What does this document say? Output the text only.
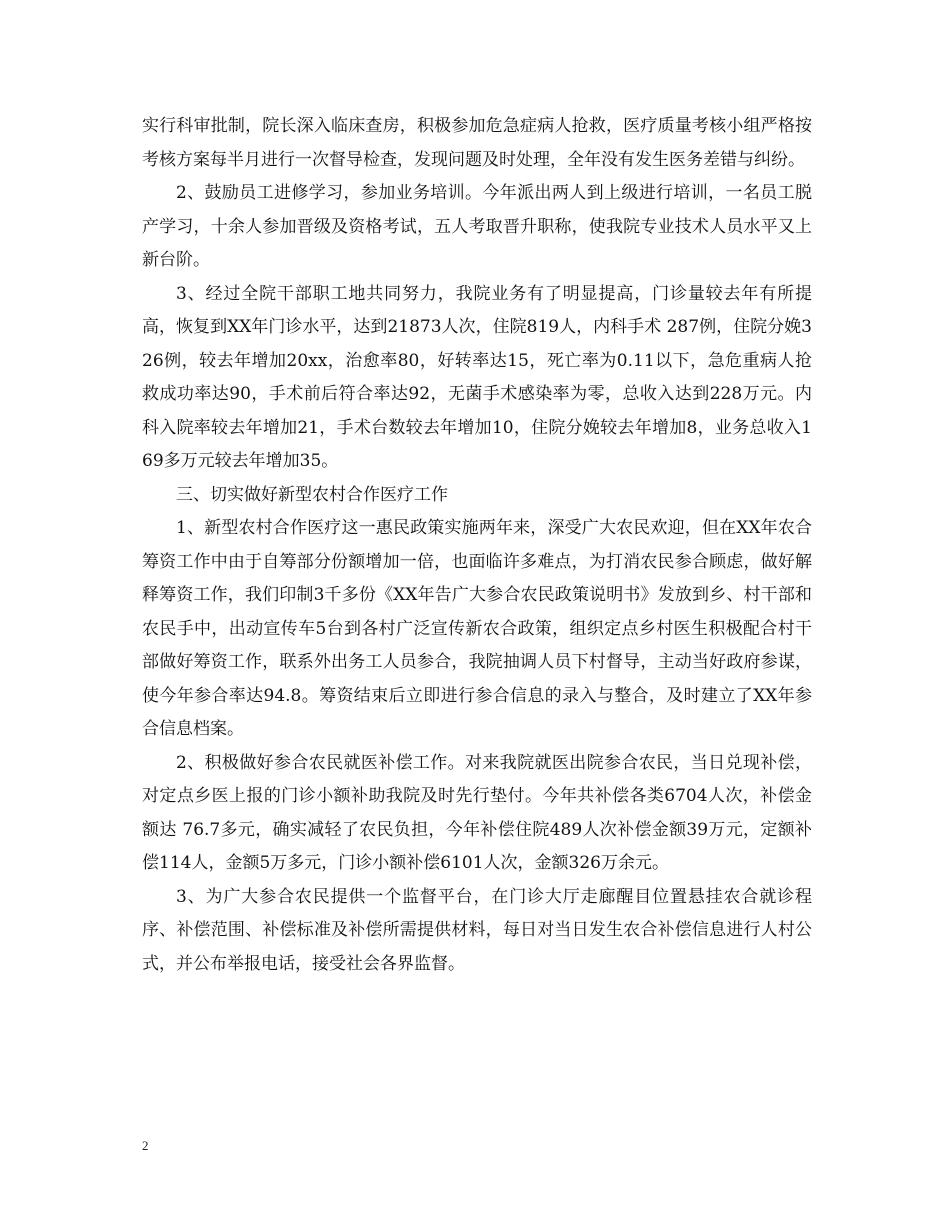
实行科审批制，院长深入临床查房，积极参加危急症病人抢救，医疗质量考核小组严格按考核方案每半月进行一次督导检查，发现问题及时处理，全年没有发生医务差错与纠纷。

2、鼓励员工进修学习，参加业务培训。今年派出两人到上级进行培训，一名员工脱产学习，十余人参加晋级及资格考试，五人考取晋升职称，使我院专业技术人员水平又上新台阶。

3、经过全院干部职工地共同努力，我院业务有了明显提高，门诊量较去年有所提高，恢复到XX年门诊水平，达到21873人次，住院819人，内科手术 287例，住院分娩326例，较去年增加20xx，治愈率80，好转率达15，死亡率为0.11以下，急危重病人抢救成功率达90，手术前后符合率达92，无菌手术感染率为零，总收入达到228万元。内科入院率较去年增加21，手术台数较去年增加10，住院分娩较去年增加8，业务总收入169多万元较去年增加35。

三、切实做好新型农村合作医疗工作

1、新型农村合作医疗这一惠民政策实施两年来，深受广大农民欢迎，但在XX年农合筹资工作中由于自筹部分份额增加一倍，也面临许多难点，为打消农民参合顾虑，做好解释筹资工作，我们印制3千多份《XX年告广大参合农民政策说明书》发放到乡、村干部和农民手中，出动宣传车5台到各村广泛宣传新农合政策，组织定点乡村医生积极配合村干部做好筹资工作，联系外出务工人员参合，我院抽调人员下村督导，主动当好政府参谋，使今年参合率达94.8。筹资结束后立即进行参合信息的录入与整合，及时建立了XX年参合信息档案。

2、积极做好参合农民就医补偿工作。对来我院就医出院参合农民，当日兑现补偿，对定点乡医上报的门诊小额补助我院及时先行垫付。今年共补偿各类6704人次，补偿金额达 76.7多元，确实减轻了农民负担，今年补偿住院489人次补偿金额39万元，定额补偿114人，金额5万多元，门诊小额补偿6101人次，金额326万余元。

3、为广大参合农民提供一个监督平台，在门诊大厅走廊醒目位置悬挂农合就诊程序、补偿范围、补偿标准及补偿所需提供材料，每日对当日发生农合补偿信息进行人村公式，并公布举报电话，接受社会各界监督。

2
